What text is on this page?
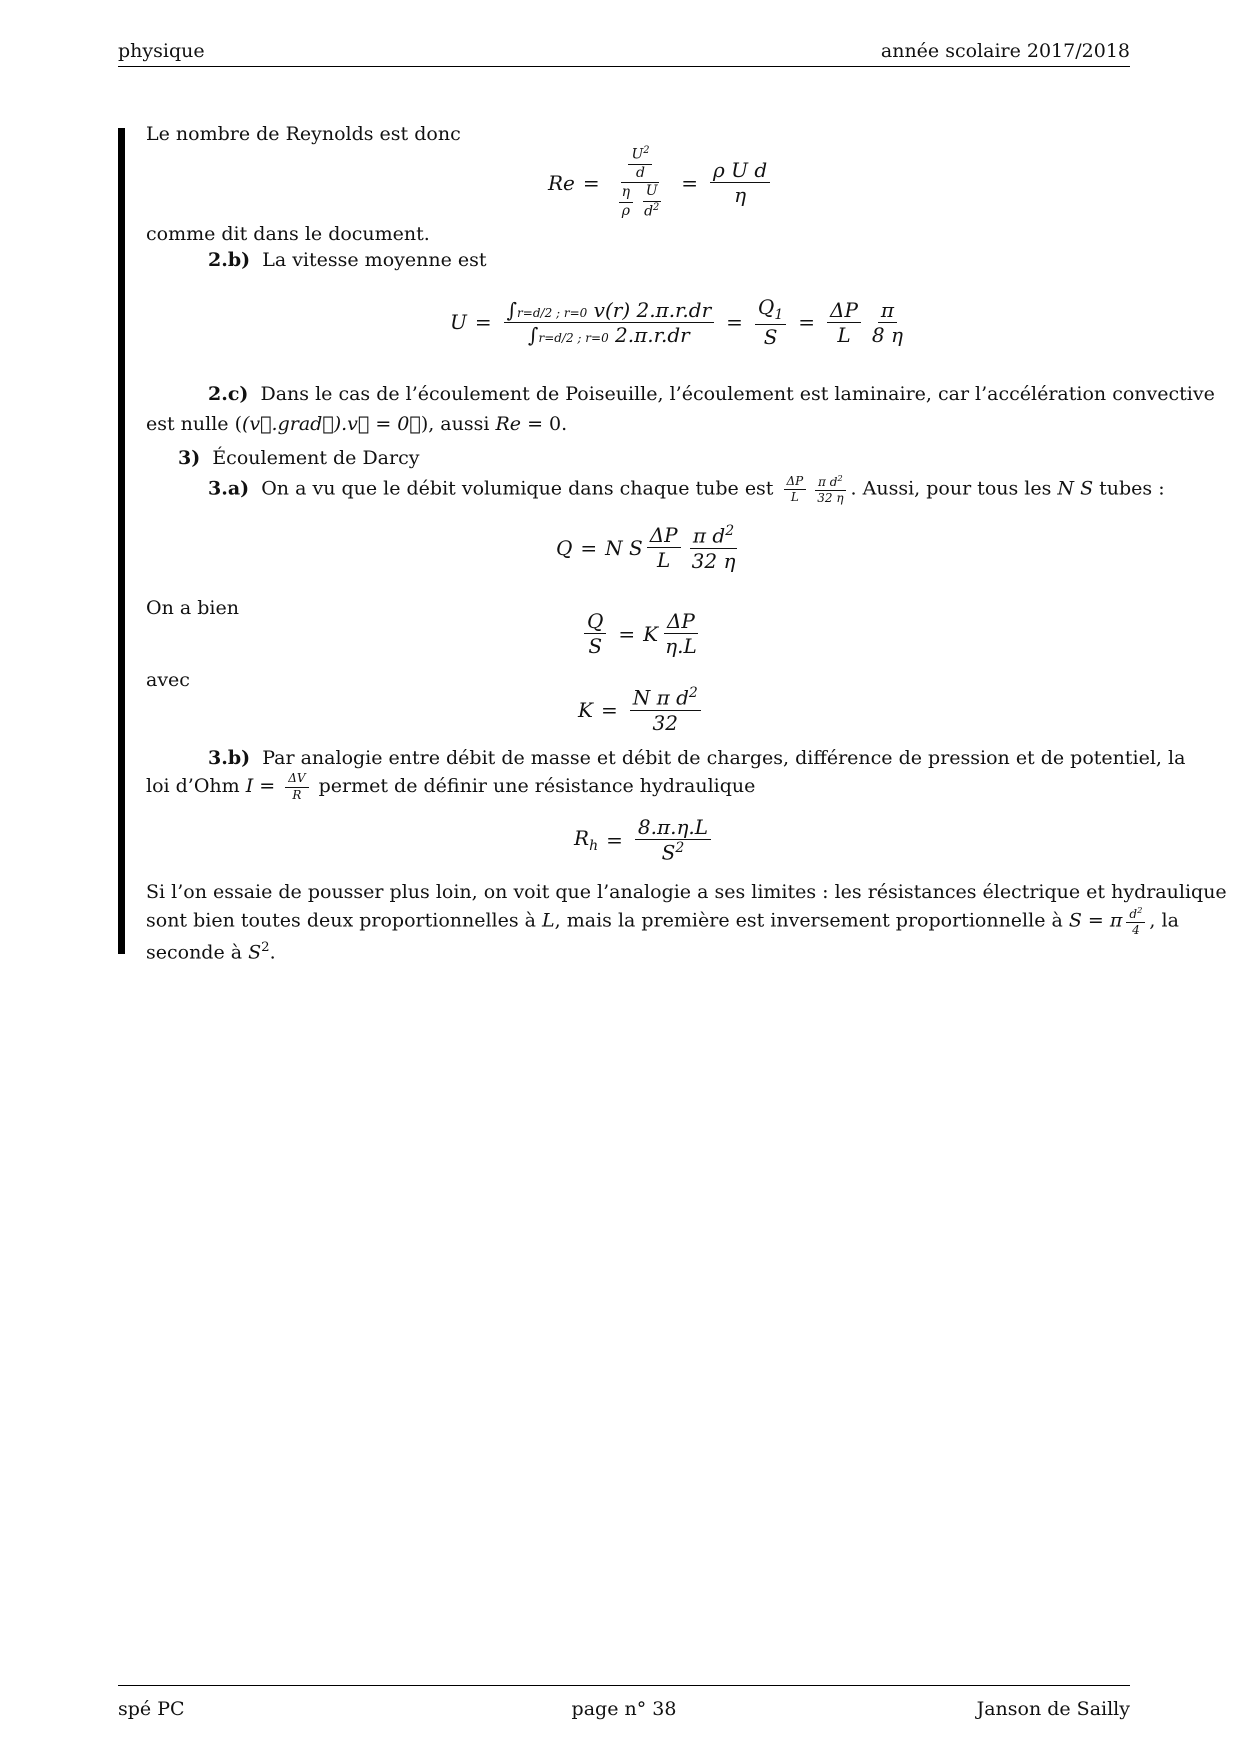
physique	année scolaire 2017/2018
Le nombre de Reynolds est donc
$Re = \frac{\frac{U^2}{d}}{\frac{\eta}{\rho} \frac{U}{d^2}} = \frac{\text{ρ U d}}{\eta}$
comme dit dans le document.
2.b) La vitesse moyenne est
$U = \frac{\int r=d/2 ; r=0 v(r) 2.\pi.r.dr}{\int r=d/2 ; r=0 2.\pi.r.dr} = \frac{Q_1}{S} = \frac{\Delta P}{L} \frac{\pi}{8 \eta}$
2.c) Dans le cas de l’écoulement de Poiseuille, l’écoulement est laminaire, car l’accélération convective
est nulle ((v⃗.grad⃗).v⃗ = 0⃗), aussi Re = 0.
3) Écoulement de Darcy
3.a) On a vu que le débit volumique dans chaque tube est $\frac{\Delta P}{L} \frac{\pi d^2}{32 \eta}$ . Aussi, pour tous les N S tubes :
Q = N S $\frac{\Delta P}{L} \frac{\pi d^2}{32 \eta}$
On a bien
$\frac{Q}{S} = K \frac{\Delta P}{\eta.L}$
avec
$K = \frac{N \pi d^2}{32}$
3.b) Par analogie entre débit de masse et débit de charges, différence de pression et de potentiel, la
loi d’Ohm $I = \frac{\Delta V}{R}$ permet de définir une résistance hydraulique
$R_h = \frac{8.\pi.\eta.L}{S^2}$
Si l’on essaie de pousser plus loin, on voit que l’analogie a ses limites : les résistances électrique et hydraulique
sont bien toutes deux proportionnelles à L, mais la première est inversement proportionnelle à S = π $\frac{d^2}{4}$ , la
seconde à $S^2$.
spé PC	page n° 38	Janson de Sailly
